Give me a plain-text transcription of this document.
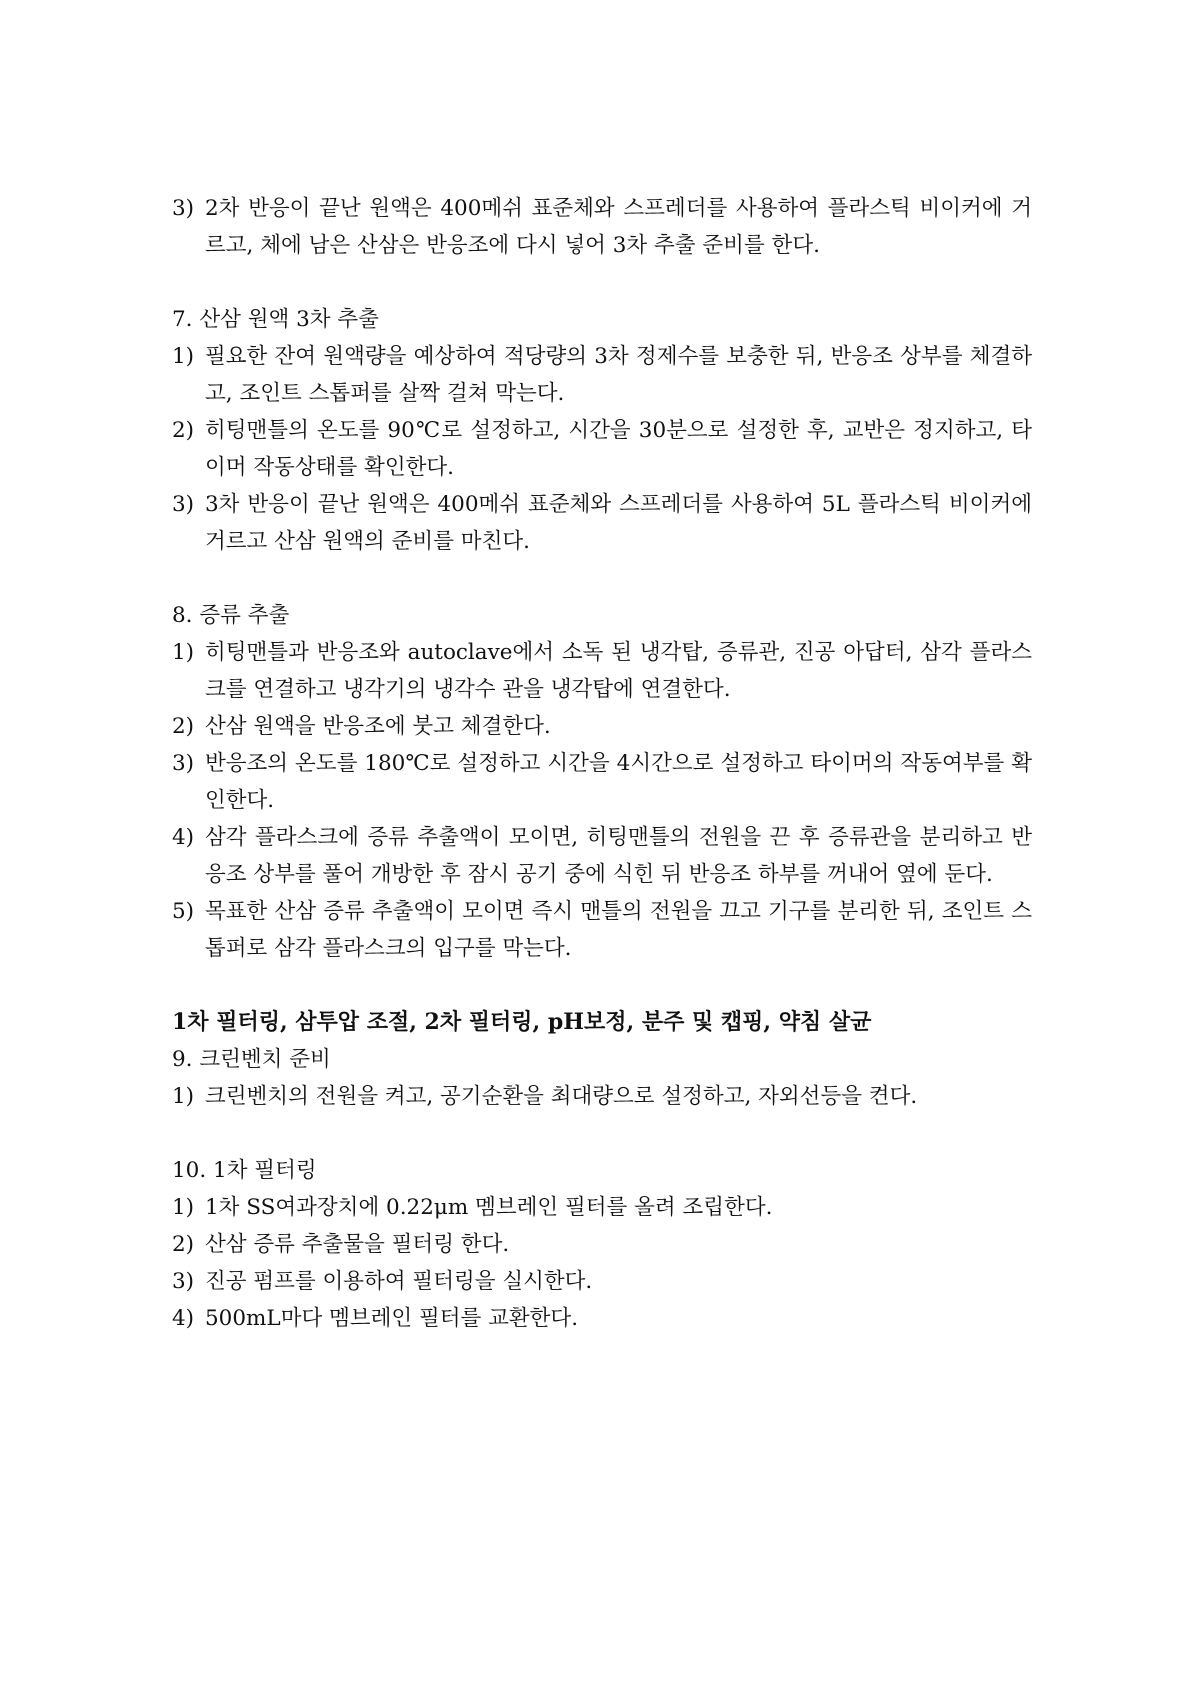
3) 2차 반응이 끝난 원액은 400메쉬 표준체와 스프레더를 사용하여 플라스틱 비이커에 거르고, 체에 남은 산삼은 반응조에 다시 넣어 3차 추출 준비를 한다.

7. 산삼 원액 3차 추출

1) 필요한 잔여 원액량을 예상하여 적당량의 3차 정제수를 보충한 뒤, 반응조 상부를 체결하고, 조인트 스톱퍼를 살짝 걸쳐 막는다.

2) 히팅맨틀의 온도를 90℃로 설정하고, 시간을 30분으로 설정한 후, 교반은 정지하고, 타이머 작동상태를 확인한다.

3) 3차 반응이 끝난 원액은 400메쉬 표준체와 스프레더를 사용하여 5L 플라스틱 비이커에 거르고 산삼 원액의 준비를 마친다.

8. 증류 추출

1) 히팅맨틀과 반응조와 autoclave에서 소독 된 냉각탑, 증류관, 진공 아답터, 삼각 플라스크를 연결하고 냉각기의 냉각수 관을 냉각탑에 연결한다.

2) 산삼 원액을 반응조에 붓고 체결한다.

3) 반응조의 온도를 180℃로 설정하고 시간을 4시간으로 설정하고 타이머의 작동여부를 확인한다.

4) 삼각 플라스크에 증류 추출액이 모이면, 히팅맨틀의 전원을 끈 후 증류관을 분리하고 반응조 상부를 풀어 개방한 후 잠시 공기 중에 식힌 뒤 반응조 하부를 꺼내어 옆에 둔다.

5) 목표한 산삼 증류 추출액이 모이면 즉시 맨틀의 전원을 끄고 기구를 분리한 뒤, 조인트 스톱퍼로 삼각 플라스크의 입구를 막는다.

1차 필터링, 삼투압 조절, 2차 필터링, pH보정, 분주 및 캡핑, 약침 살균

9. 크린벤치 준비

1) 크린벤치의 전원을 켜고, 공기순환을 최대량으로 설정하고, 자외선등을 켠다.

10. 1차 필터링

1) 1차 SS여과장치에 0.22μm 멤브레인 필터를 올려 조립한다.

2) 산삼 증류 추출물을 필터링 한다.

3) 진공 펌프를 이용하여 필터링을 실시한다.

4) 500mL마다 멤브레인 필터를 교환한다.
